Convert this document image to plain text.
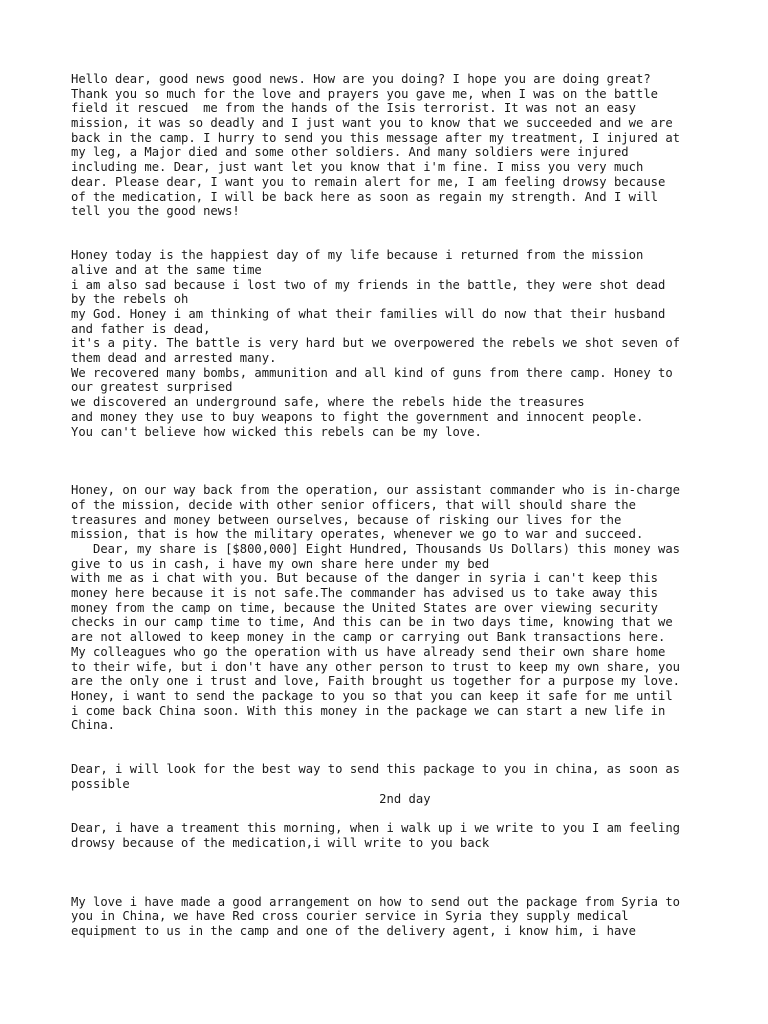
Hello dear, good news good news. How are you doing? I hope you are doing great?
Thank you so much for the love and prayers you gave me, when I was on the battle
field it rescued  me from the hands of the Isis terrorist. It was not an easy
mission, it was so deadly and I just want you to know that we succeeded and we are
back in the camp. I hurry to send you this message after my treatment, I injured at
my leg, a Major died and some other soldiers. And many soldiers were injured
including me. Dear, just want let you know that i'm fine. I miss you very much
dear. Please dear, I want you to remain alert for me, I am feeling drowsy because
of the medication, I will be back here as soon as regain my strength. And I will
tell you the good news!
Honey today is the happiest day of my life because i returned from the mission
alive and at the same time
i am also sad because i lost two of my friends in the battle, they were shot dead
by the rebels oh
my God. Honey i am thinking of what their families will do now that their husband
and father is dead,
it's a pity. The battle is very hard but we overpowered the rebels we shot seven of
them dead and arrested many.
We recovered many bombs, ammunition and all kind of guns from there camp. Honey to
our greatest surprised
we discovered an underground safe, where the rebels hide the treasures
and money they use to buy weapons to fight the government and innocent people.
You can't believe how wicked this rebels can be my love.
Honey, on our way back from the operation, our assistant commander who is in-charge
of the mission, decide with other senior officers, that will should share the
treasures and money between ourselves, because of risking our lives for the
mission, that is how the military operates, whenever we go to war and succeed.
Dear, my share is [$800,000] Eight Hundred, Thousands Us Dollars) this money was
give to us in cash, i have my own share here under my bed
with me as i chat with you. But because of the danger in syria i can't keep this
money here because it is not safe.The commander has advised us to take away this
money from the camp on time, because the United States are over viewing security
checks in our camp time to time, And this can be in two days time, knowing that we
are not allowed to keep money in the camp or carrying out Bank transactions here.
My colleagues who go the operation with us have already send their own share home
to their wife, but i don't have any other person to trust to keep my own share, you
are the only one i trust and love, Faith brought us together for a purpose my love.
Honey, i want to send the package to you so that you can keep it safe for me until
i come back China soon. With this money in the package we can start a new life in
China.
Dear, i will look for the best way to send this package to you in china, as soon as
possible
2nd day
Dear, i have a treament this morning, when i walk up i we write to you I am feeling
drowsy because of the medication,i will write to you back
My love i have made a good arrangement on how to send out the package from Syria to
you in China, we have Red cross courier service in Syria they supply medical
equipment to us in the camp and one of the delivery agent, i know him, i have
